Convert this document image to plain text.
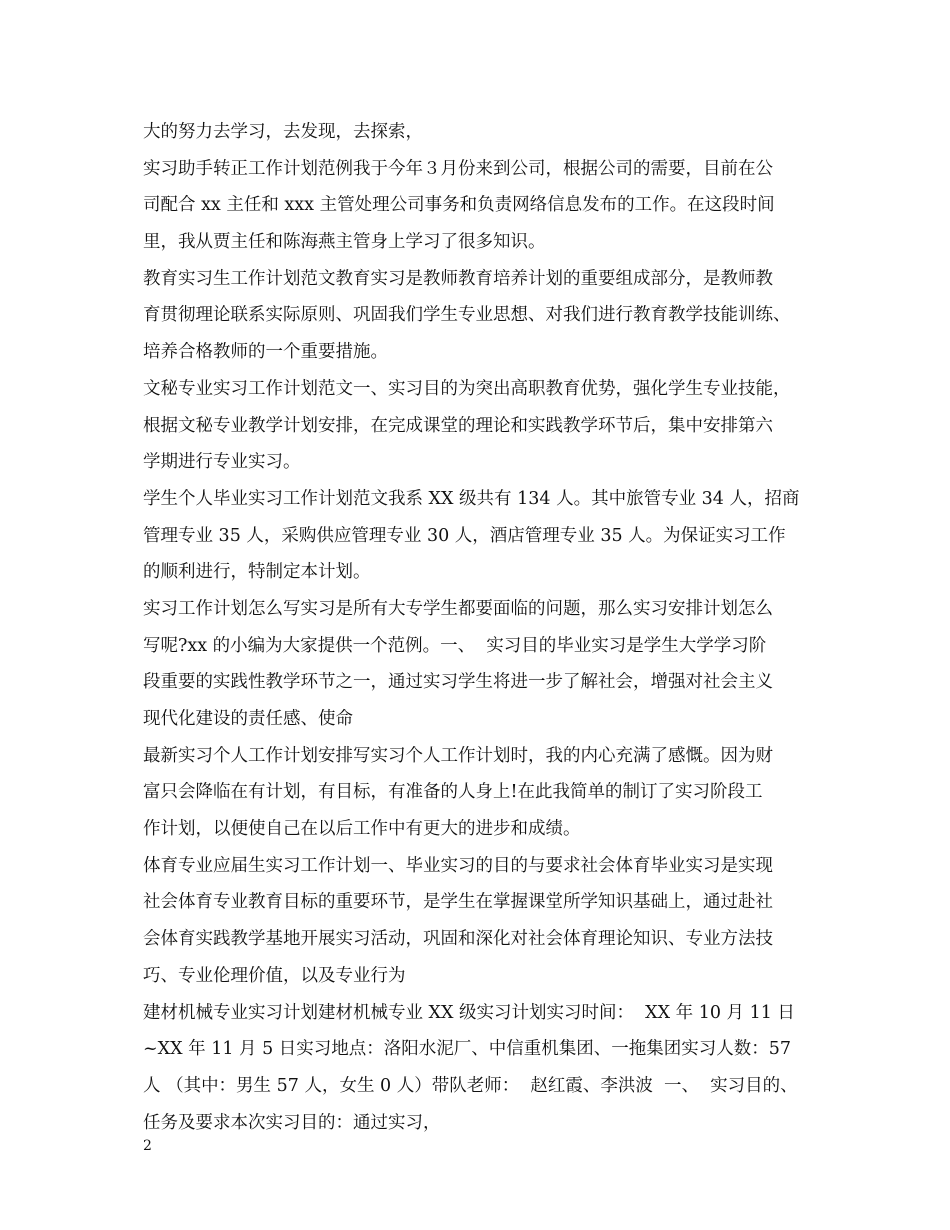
大的努力去学习，去发现，去探索，
实习助手转正工作计划范例我于今年３月份来到公司，根据公司的需要，目前在公
司配合 xx 主任和 xxx 主管处理公司事务和负责网络信息发布的工作。在这段时间
里，我从贾主任和陈海燕主管身上学习了很多知识。
教育实习生工作计划范文教育实习是教师教育培养计划的重要组成部分，是教师教
育贯彻理论联系实际原则、巩固我们学生专业思想、对我们进行教育教学技能训练、
培养合格教师的一个重要措施。
文秘专业实习工作计划范文一、实习目的为突出高职教育优势，强化学生专业技能，
根据文秘专业教学计划安排，在完成课堂的理论和实践教学环节后，集中安排第六
学期进行专业实习。
学生个人毕业实习工作计划范文我系 XX 级共有 134 人。其中旅管专业 34 人，招商
管理专业 35 人，采购供应管理专业 30 人，酒店管理专业 35 人。为保证实习工作
的顺利进行，特制定本计划。
实习工作计划怎么写实习是所有大专学生都要面临的问题，那么实习安排计划怎么
写呢?xx 的小编为大家提供一个范例。一、  实习目的毕业实习是学生大学学习阶
段重要的实践性教学环节之一，通过实习学生将进一步了解社会，增强对社会主义
现代化建设的责任感、使命
最新实习个人工作计划安排写实习个人工作计划时，我的内心充满了感慨。因为财
富只会降临在有计划，有目标，有准备的人身上!在此我简单的制订了实习阶段工
作计划，以便使自己在以后工作中有更大的进步和成绩。
体育专业应届生实习工作计划一、毕业实习的目的与要求社会体育毕业实习是实现
社会体育专业教育目标的重要环节，是学生在掌握课堂所学知识基础上，通过赴社
会体育实践教学基地开展实习活动，巩固和深化对社会体育理论知识、专业方法技
巧、专业伦理价值，以及专业行为
建材机械专业实习计划建材机械专业 XX 级实习计划实习时间：  XX 年 10 月 11 日
~XX 年 11 月 5 日实习地点：洛阳水泥厂、中信重机集团、一拖集团实习人数：57
人 （其中：男生 57 人，女生 0 人）带队老师：  赵红霞、李洪波  一、  实习目的、
任务及要求本次实习目的：通过实习，
2
